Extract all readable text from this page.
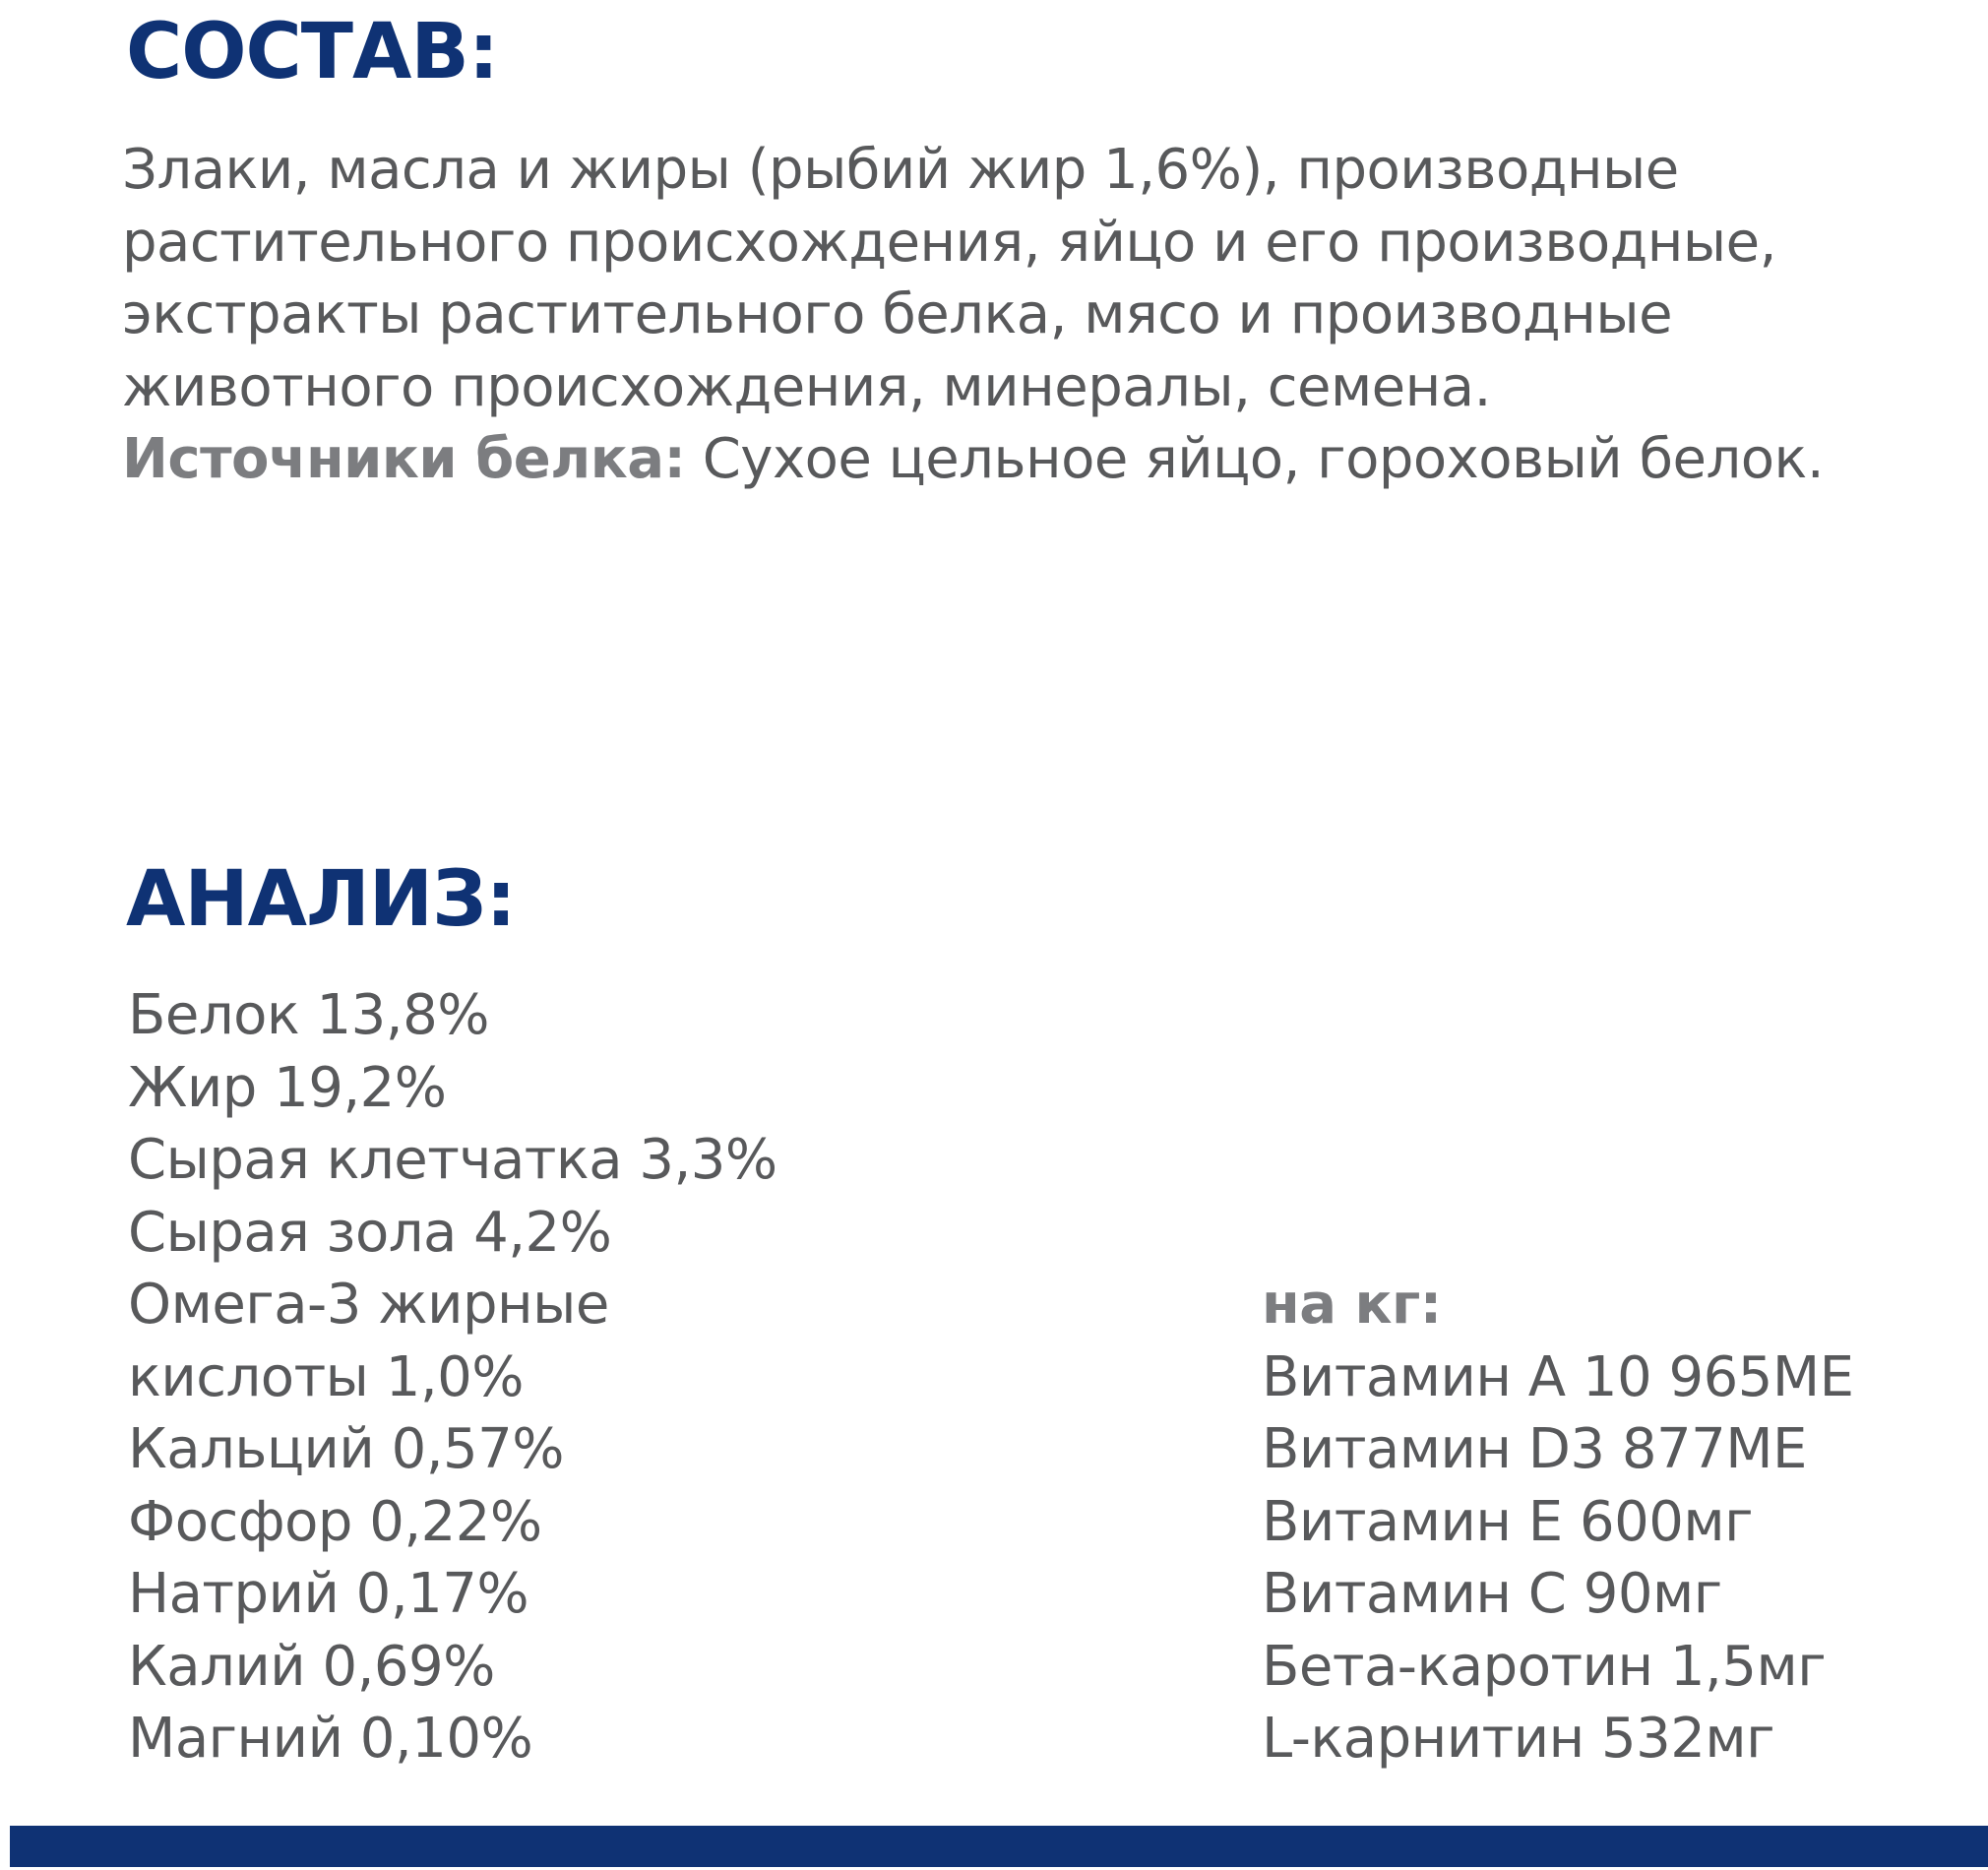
СОСТАВ:

Злаки, масла и жиры (рыбий жир 1,6%), производные
растительного происхождения, яйцо и его производные,
экстракты растительного белка, мясо и производные
животного происхождения, минералы, семена.
Источники белка: Сухое цельное яйцо, гороховый белок.

АНАЛИЗ:
Белок 13,8%
Жир 19,2%
Сырая клетчатка 3,3%
Сырая зола 4,2%
Омега-3 жирные
кислоты 1,0%
Кальций 0,57%
Фосфор 0,22%
Натрий 0,17%
Калий 0,69%
Магний 0,10%
на кг:
Витамин А 10 965МЕ
Витамин D3 877МЕ
Витамин Е 600мг
Витамин С 90мг
Бета-каротин 1,5мг
L-карнитин 532мг
